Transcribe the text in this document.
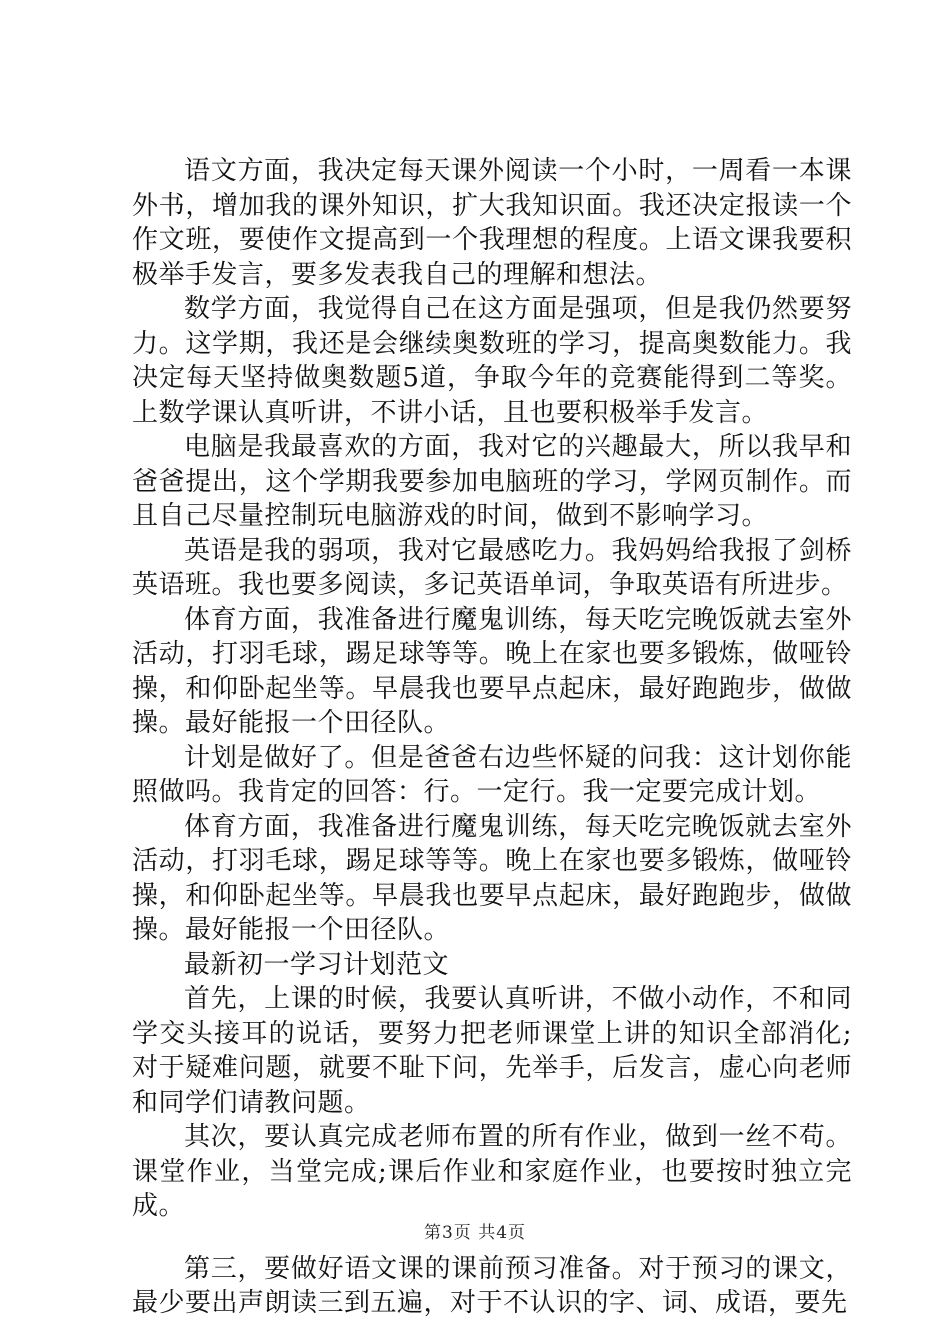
语文方面，我决定每天课外阅读一个小时，一周看一本课外书，增加我的课外知识，扩大我知识面。我还决定报读一个作文班，要使作文提高到一个我理想的程度。上语文课我要积极举手发言，要多发表我自己的理解和想法。

数学方面，我觉得自己在这方面是强项，但是我仍然要努力。这学期，我还是会继续奥数班的学习，提高奥数能力。我决定每天坚持做奥数题5道，争取今年的竞赛能得到二等奖。上数学课认真听讲，不讲小话，且也要积极举手发言。

电脑是我最喜欢的方面，我对它的兴趣最大，所以我早和爸爸提出，这个学期我要参加电脑班的学习，学网页制作。而且自己尽量控制玩电脑游戏的时间，做到不影响学习。

英语是我的弱项，我对它最感吃力。我妈妈给我报了剑桥英语班。我也要多阅读，多记英语单词，争取英语有所进步。

体育方面，我准备进行魔鬼训练，每天吃完晚饭就去室外活动，打羽毛球，踢足球等等。晚上在家也要多锻炼，做哑铃操，和仰卧起坐等。早晨我也要早点起床，最好跑跑步，做做操。最好能报一个田径队。

计划是做好了。但是爸爸右边些怀疑的问我：这计划你能照做吗。我肯定的回答：行。一定行。我一定要完成计划。

体育方面，我准备进行魔鬼训练，每天吃完晚饭就去室外活动，打羽毛球，踢足球等等。晚上在家也要多锻炼，做哑铃操，和仰卧起坐等。早晨我也要早点起床，最好跑跑步，做做操。最好能报一个田径队。

最新初一学习计划范文

首先，上课的时候，我要认真听讲，不做小动作，不和同学交头接耳的说话，要努力把老师课堂上讲的知识全部消化;对于疑难问题，就要不耻下问，先举手，后发言，虚心向老师和同学们请教问题。

其次，要认真完成老师布置的所有作业，做到一丝不苟。课堂作业，当堂完成;课后作业和家庭作业，也要按时独立完成。

第三，要做好语文课的课前预习准备。对于预习的课文，最少要出声朗读三到五遍，对于不认识的字、词、成语，要先

第3页 共4页
